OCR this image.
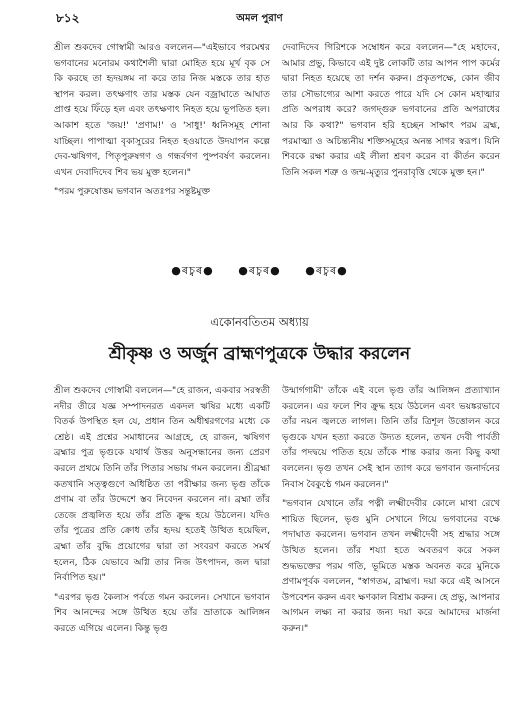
৮১২	অমল পুরাণ

শ্রীল শুকদেব গোস্বামী আরও বললেন—"এইভাবে পরমেশ্বর ভগবানের মনোরম কথাশৈলী দ্বারা মোহিত হয়ে মূর্খ বৃক সে কি করছে তা হৃদয়ঙ্গম না করে তার নিজ মস্তকে তার হাত স্থাপন করল। তৎক্ষণাৎ তার মস্তক যেন বজ্রাঘাতে আঘাত প্রাপ্ত হয়ে ফিঁড়ে হল এবং তৎক্ষণাৎ নিহত হয়ে ভূপতিত হল। আকাশ হতে 'জয়!' 'প্রণাম!' ও 'সাধু!' ধ্বনিসমূহ শোনা যাচ্ছিল। পাপাত্মা বৃকাসুরের নিহত হওয়াতে উদযাপন কল্পে দেব-ঋষিগণ, পিতৃপুরুষগণ ও গন্ধর্বগণ পুষ্পবর্ষণ করলেন। এখন দেবাদিদেব শিব ভয় মুক্ত হলেন।"

"পরম পুরুষোত্তম ভগবান অতঃপর সন্তুষ্টমুক্ত

দেবাদিদেব গিরিশকে সম্বোধন করে বললেন—"হে মহাদেব, আমার প্রভু, কিভাবে এই দুষ্ট লোকটি তার আপন পাপ কর্মের দ্বারা নিহত হয়েছে তা দর্শন করুন। প্রকৃতপক্ষে, কোন জীব তার সৌভাগ্যের আশা করতে পারে যদি সে কোন মহাত্মার প্রতি অপরাধ করে? জগদ্গুরু ভগবানের প্রতি অপরাধের আর কি কথা?" ভগবান হরি হচ্ছেন সাক্ষাৎ পরম ব্রহ্ম, পরমাত্মা ও অচিন্ত্যনীয় শক্তিসমূহের অনন্ত সাগর স্বরূপ। যিনি শিবকে রক্ষা করার এই লীলা শ্রবণ করেন বা কীর্তন করেন তিনি সকল শত্রু ও জন্ম-মৃত্যুর পুনরাবৃত্তি থেকে মুক্ত হন।"

●ৰচ্বৰ● ●ৰচ্বৰ● ●ৰচ্বৰ●
একোনবতিতম অধ্যায়
শ্রীকৃষ্ণ ও অর্জুন ব্রাহ্মণপুত্রকে উদ্ধার করলেন

শ্রীল শুকদেব গোস্বামী বললেন—"হে রাজন, একবার সরস্বতী নদীর তীরে যজ্ঞ সম্পাদনরত একদল ঋষির মধ্যে একটি বিতর্ক উপস্থিত হল যে, প্রধান তিন অধীশ্বরগণের মধ্যে কে শ্রেষ্ঠ। এই প্রশ্নের সমাধানের আগ্রহে, হে রাজন, ঋষিগণ ব্রহ্মার পুত্র ভৃগুকে যথার্থ উত্তর অনুসন্ধানের জন্য প্রেরণ করলে প্রথমে তিনি তাঁর পিতার সভায় গমন করলেন। শ্রীব্রহ্মা কতখানি সত্ত্বগুণে অধিষ্ঠিত তা পরীক্ষার জন্য ভৃগু তাঁকে প্রণাম বা তাঁর উদ্দেশে স্তব নিবেদন করলেন না। ব্রহ্মা তাঁর তেজে প্রজ্বলিত হয়ে তাঁর প্রতি ক্রুদ্ধ হয়ে উঠলেন। যদিও তাঁর পুত্রের প্রতি ক্রোধ তাঁর হৃদয় হতেই উত্থিত হয়েছিল, ব্রহ্মা তাঁর বুদ্ধি প্রয়োগের দ্বারা তা সংবরণ করতে সমর্থ হলেন, ঠিক যেভাবে অগ্নি তার নিজ উৎপাদন, জল দ্বারা নির্বাপিত হয়।"

"এরপর ভৃগু কৈলাস পর্বতে গমন করলেন। সেখানে ভগবান শিব আনন্দের সঙ্গে উত্থিত হয়ে তাঁর ভ্রাতাকে আলিঙ্গন করতে এগিয়ে এলেন। কিন্তু ভৃগু

উন্মার্গগামী' তাঁকে এই বলে ভৃগু তাঁর আলিঙ্গন প্রত্যাখ্যান করলেন। এর ফলে শিব ক্রুদ্ধ হয়ে উঠলেন এবং ভয়ঙ্করভাবে তাঁর নয়ন জ্বলতে লাগল। তিনি তাঁর ত্রিশূল উত্তোলন করে ভৃগুকে যখন হত্যা করতে উদ্যত হলেন, তখন দেবী পার্বতী তাঁর পদদ্বয়ে পতিত হয়ে তাঁকে শান্ত করার জন্য কিছু কথা বললেন। ভৃগু তখন সেই স্থান ত্যাগ করে ভগবান জনার্দনের নিবাস বৈকুণ্ঠে গমন করলেন।"

"ভগবান যেখানে তাঁর পত্নী লক্ষ্মীদেবীর কোলে মাথা রেখে শায়িত ছিলেন, ভৃগু মুনি সেখানে গিয়ে ভগবানের বক্ষে পদাঘাত করলেন। ভগবান তখন লক্ষ্মীদেবী সহ শ্রদ্ধার সঙ্গে উত্থিত হলেন। তাঁর শয্যা হতে অবতরণ করে সকল শুদ্ধভক্তের পরম গতি, ভূমিতে মস্তক অবনত করে মুনিকে প্রণামপূর্বক বললেন, "স্বাগতম, ব্রাহ্মণ। দয়া করে এই আসনে উপবেশন করুন এবং ক্ষণকাল বিশ্রাম করুন। হে প্রভু, আপনার আগমন লক্ষ্য না করার জন্য দয়া করে আমাদের মার্জনা করুন।"
